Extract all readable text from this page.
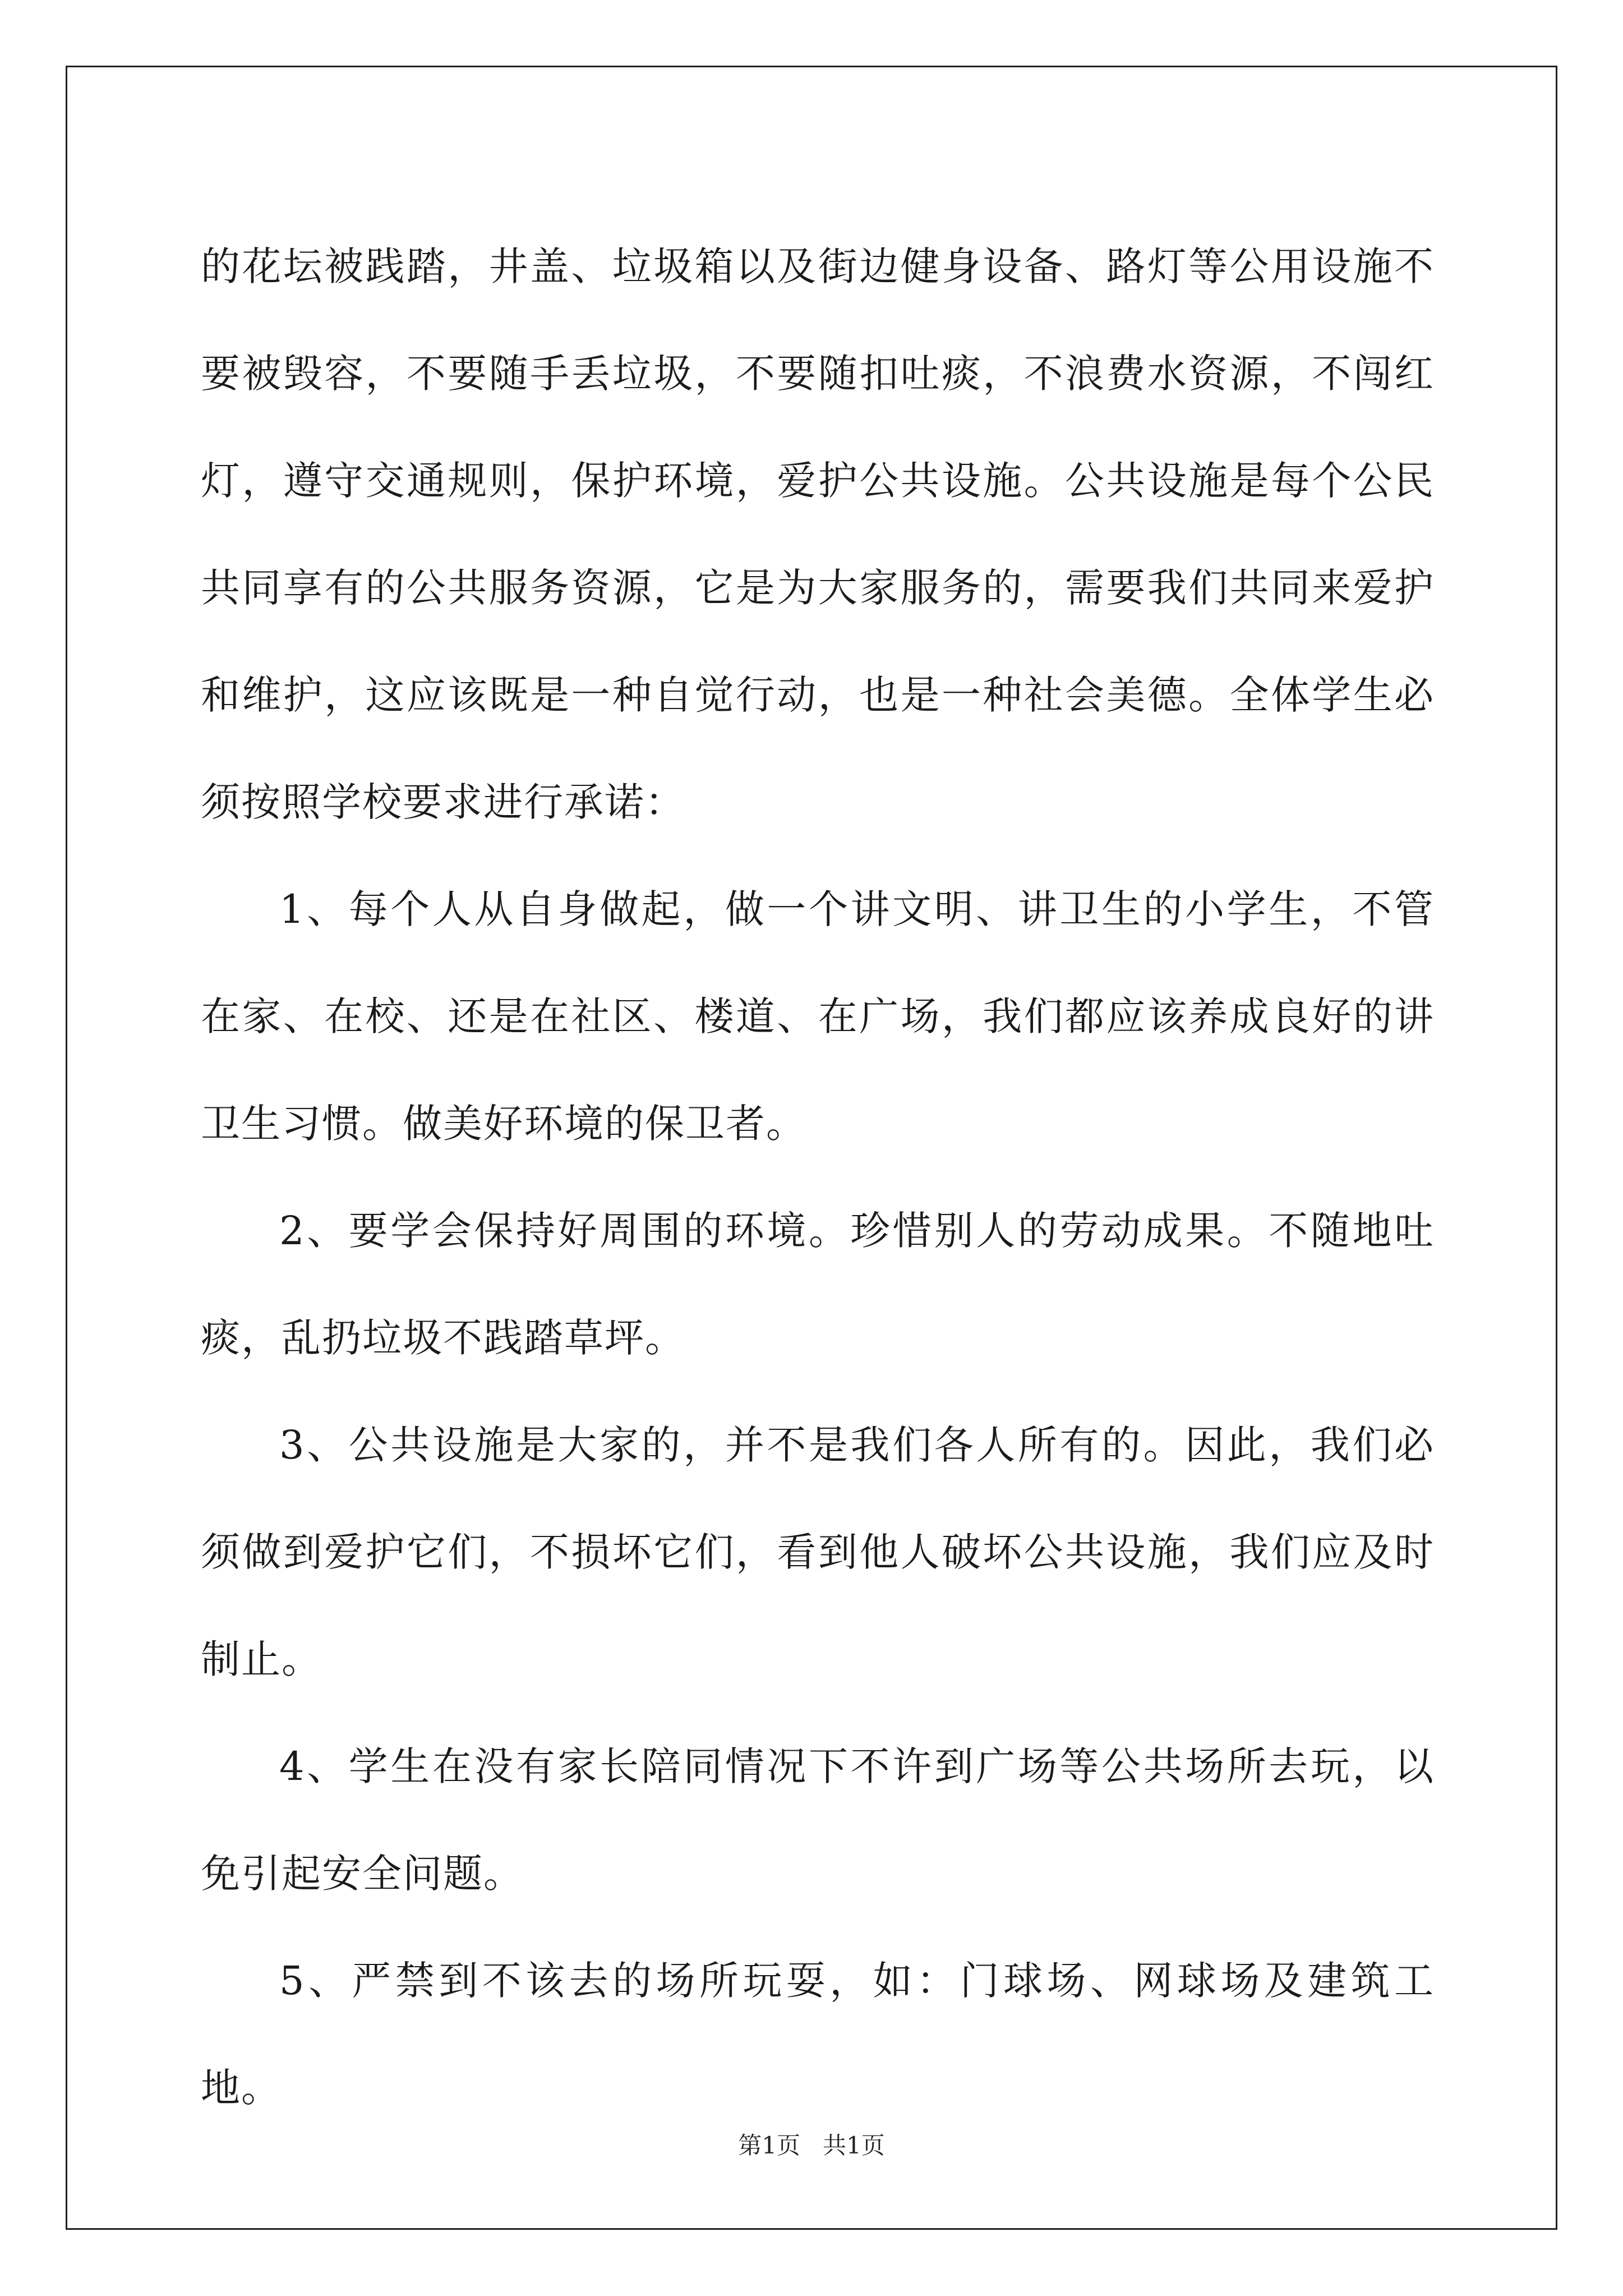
的花坛被践踏，井盖、垃圾箱以及街边健身设备、路灯等公用设施不要被毁容，不要随手丢垃圾，不要随扣吐痰，不浪费水资源，不闯红灯，遵守交通规则，保护环境，爱护公共设施。公共设施是每个公民共同享有的公共服务资源，它是为大家服务的，需要我们共同来爱护和维护，这应该既是一种自觉行动，也是一种社会美德。全体学生必须按照学校要求进行承诺：

1、每个人从自身做起，做一个讲文明、讲卫生的小学生，不管在家、在校、还是在社区、楼道、在广场，我们都应该养成良好的讲卫生习惯。做美好环境的保卫者。

2、要学会保持好周围的环境。珍惜别人的劳动成果。不随地吐痰，乱扔垃圾不践踏草坪。

3、公共设施是大家的，并不是我们各人所有的。因此，我们必须做到爱护它们，不损坏它们，看到他人破坏公共设施，我们应及时制止。

4、学生在没有家长陪同情况下不许到广场等公共场所去玩，以免引起安全问题。

5、严禁到不该去的场所玩耍，如：门球场、网球场及建筑工地。

第1页 共1页
